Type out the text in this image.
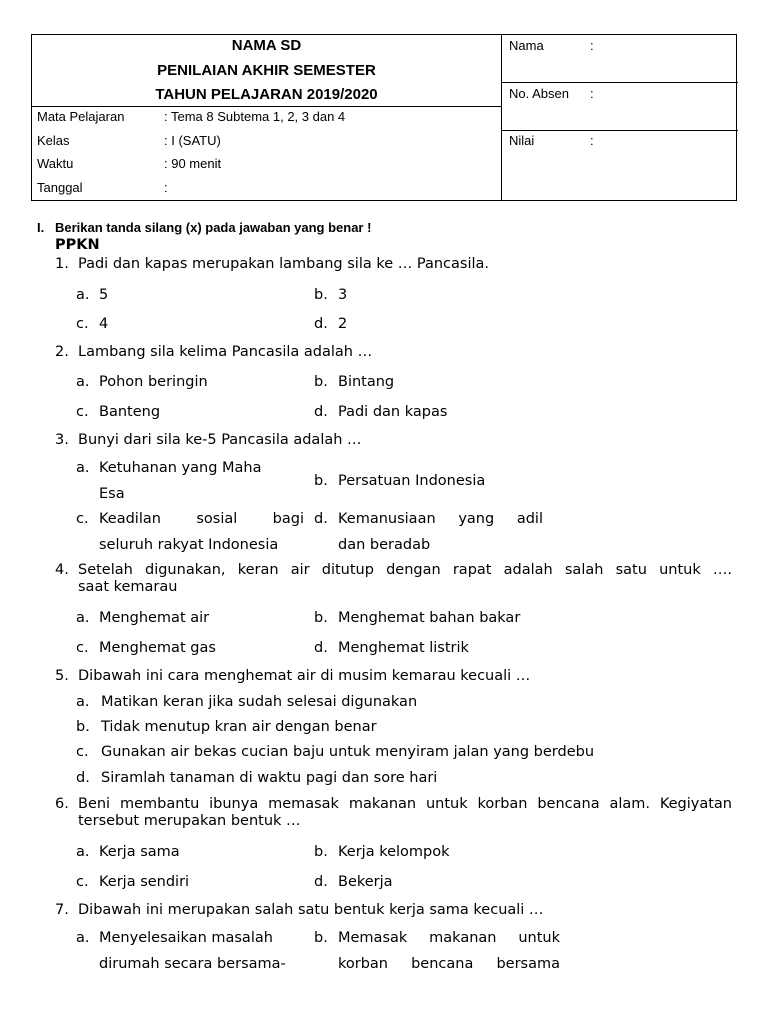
NAMA SD
PENILAIAN AKHIR SEMESTER
TAHUN PELAJARAN 2019/2020
Mata Pelajaran	: Tema 8 Subtema 1, 2, 3 dan 4
Kelas	: I (SATU)
Waktu	: 90 menit
Tanggal	:
Nama	:
No. Absen :
Nilai	:
I. Berikan tanda silang (x) pada jawaban yang benar !
PPKN
1. Padi dan kapas merupakan lambang sila ke … Pancasila.
a. 5	b. 3
c. 4	d. 2
2. Lambang sila kelima Pancasila adalah …
a. Pohon beringin	b. Bintang
c. Banteng	d. Padi dan kapas
3. Bunyi dari sila ke-5 Pancasila adalah …
a. Ketuhanan yang Maha
Esa
b. Persatuan Indonesia
c. Keadilan sosial bagi
seluruh rakyat Indonesia
d. Kemanusiaan yang adil
dan beradab
4. Setelah digunakan, keran air ditutup dengan rapat adalah salah satu untuk ….
saat kemarau
a. Menghemat air	b. Menghemat bahan bakar
c. Menghemat gas	d. Menghemat listrik
5. Dibawah ini cara menghemat air di musim kemarau kecuali …
a. Matikan keran jika sudah selesai digunakan
b. Tidak menutup kran air dengan benar
c. Gunakan air bekas cucian baju untuk menyiram jalan yang berdebu
d. Siramlah tanaman di waktu pagi dan sore hari
6. Beni membantu ibunya memasak makanan untuk korban bencana alam. Kegiyatan
tersebut merupakan bentuk …
a. Kerja sama	b. Kerja kelompok
c. Kerja sendiri	d. Bekerja
7. Dibawah ini merupakan salah satu bentuk kerja sama kecuali …
a. Menyelesaikan masalah
dirumah secara bersama-
b. Memasak makanan untuk
korban bencana bersama
